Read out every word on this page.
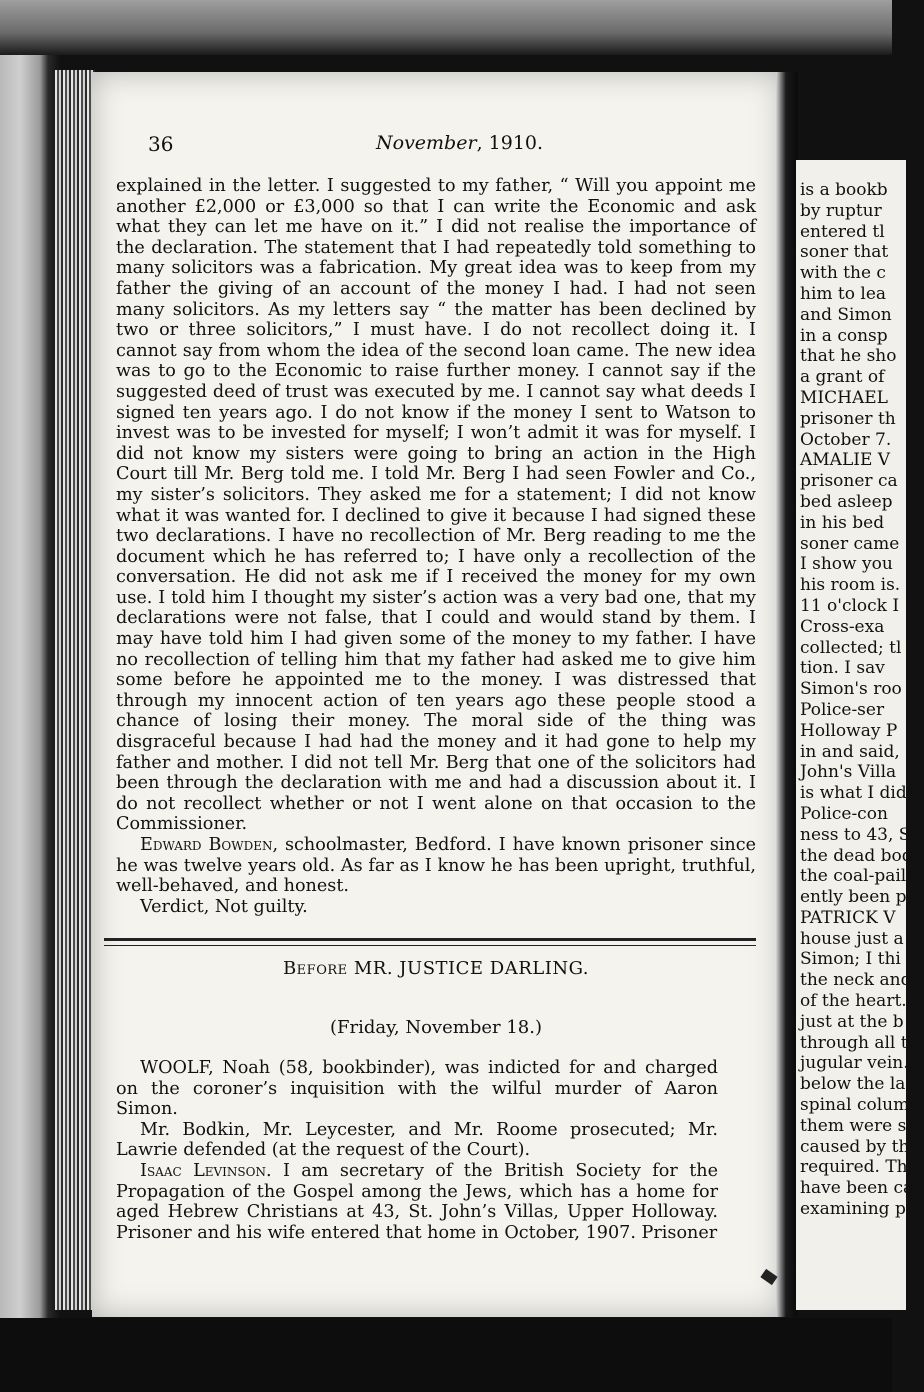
36	November, 1910.

explained in the letter. I suggested to my father, “ Will you appoint me another £2,000 or £3,000 so that I can write the Economic and ask what they can let me have on it.” I did not realise the importance of the declaration. The statement that I had repeatedly told something to many solicitors was a fabrication. My great idea was to keep from my father the giving of an account of the money I had. I had not seen many solicitors. As my letters say “ the matter has been declined by two or three solicitors,” I must have. I do not recollect doing it. I cannot say from whom the idea of the second loan came. The new idea was to go to the Economic to raise further money. I cannot say if the suggested deed of trust was executed by me. I cannot say what deeds I signed ten years ago. I do not know if the money I sent to Watson to invest was to be invested for myself; I won’t admit it was for myself. I did not know my sisters were going to bring an action in the High Court till Mr. Berg told me. I told Mr. Berg I had seen Fowler and Co., my sister’s solicitors. They asked me for a statement; I did not know what it was wanted for. I declined to give it because I had signed these two declarations. I have no recollection of Mr. Berg reading to me the document which he has referred to; I have only a recollection of the conversation. He did not ask me if I received the money for my own use. I told him I thought my sister’s action was a very bad one, that my declarations were not false, that I could and would stand by them. I may have told him I had given some of the money to my father. I have no recollection of telling him that my father had asked me to give him some before he appointed me to the money. I was distressed that through my innocent action of ten years ago these people stood a chance of losing their money. The moral side of the thing was disgraceful because I had had the money and it had gone to help my father and mother. I did not tell Mr. Berg that one of the solicitors had been through the declaration with me and had a discussion about it. I do not recollect whether or not I went alone on that occasion to the Commissioner.

Edward Bowden, schoolmaster, Bedford. I have known prisoner since he was twelve years old. As far as I know he has been upright, truthful, well-behaved, and honest.

Verdict, Not guilty.

Before MR. JUSTICE DARLING.
(Friday, November 18.)

WOOLF, Noah (58, bookbinder), was indicted for and charged on the coroner’s inquisition with the wilful murder of Aaron Simon.

Mr. Bodkin, Mr. Leycester, and Mr. Roome prosecuted; Mr. Lawrie defended (at the request of the Court).

Isaac Levinson. I am secretary of the British Society for the Propagation of the Gospel among the Jews, which has a home for aged Hebrew Christians at 43, St. John’s Villas, Upper Holloway. Prisoner and his wife entered that home in October, 1907. Prisoner

is a bookb
by ruptur
entered tl
soner that
with the c
him to lea
and Simon
in a consp
that he sho
a grant of
MICHAEL
prisoner th
October 7.
AMALIE V
prisoner ca
bed asleep
in his bed
soner came
I show you
his room is.
11 o'clock I
Cross-exa
collected; tl
tion. I sav
Simon's roo
Police-ser
Holloway P
in and said,
John's Villa
is what I did
Police-con
ness to 43, S
the dead bod
the coal-pail
ently been p
PATRICK V
house just a
Simon; I thi
the neck and
of the heart.
just at the b
through all t
jugular vein.
below the lar
spinal column
them were ser
caused by th
required. Th
have been ca
examining pri
